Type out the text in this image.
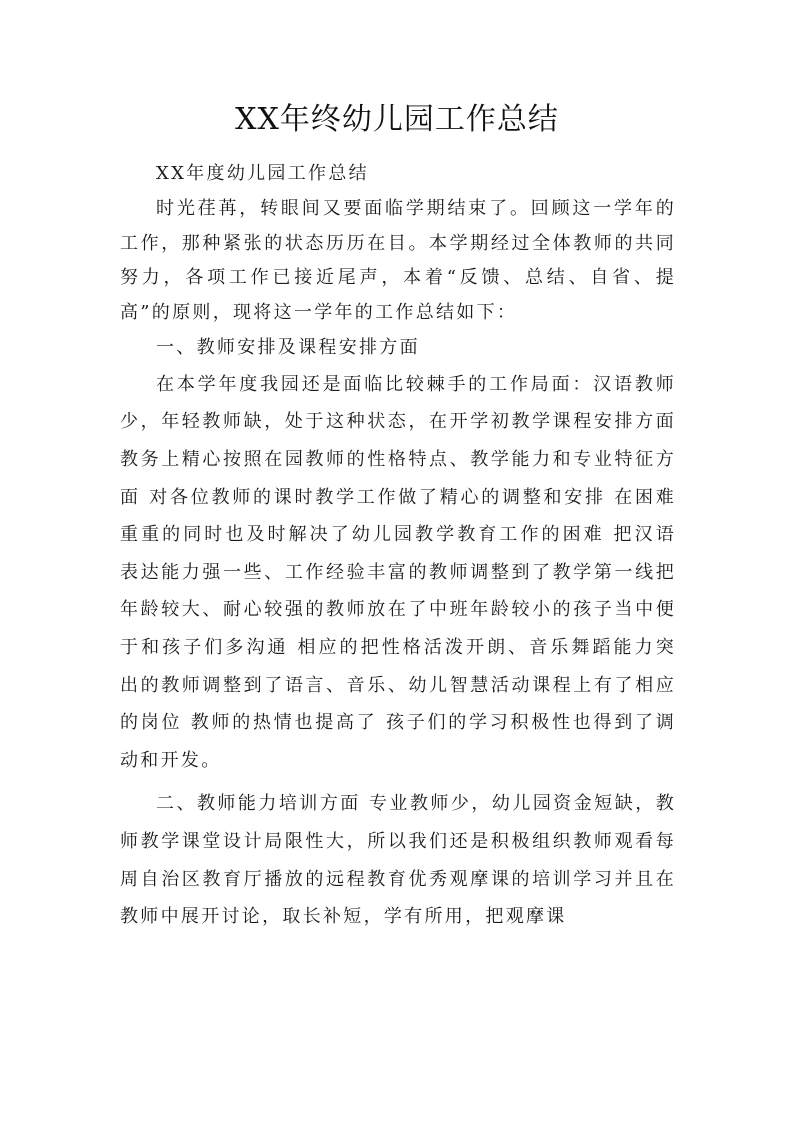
XX年终幼儿园工作总结

XX年度幼儿园工作总结

时光荏苒，转眼间又要面临学期结束了。回顾这一学年的工作，那种紧张的状态历历在目。本学期经过全体教师的共同努力，各项工作已接近尾声，本着“反馈、总结、自省、提高”的原则，现将这一学年的工作总结如下：

一、教师安排及课程安排方面

在本学年度我园还是面临比较棘手的工作局面：汉语教师少，年轻教师缺，处于这种状态，在开学初教学课程安排方面教务上精心按照在园教师的性格特点、教学能力和专业特征方面 对各位教师的课时教学工作做了精心的调整和安排 在困难重重的同时也及时解决了幼儿园教学教育工作的困难 把汉语表达能力强一些、工作经验丰富的教师调整到了教学第一线把年龄较大、耐心较强的教师放在了中班年龄较小的孩子当中便于和孩子们多沟通 相应的把性格活泼开朗、音乐舞蹈能力突出的教师调整到了语言、音乐、幼儿智慧活动课程上有了相应的岗位 教师的热情也提高了 孩子们的学习积极性也得到了调动和开发。

二、教师能力培训方面 专业教师少，幼儿园资金短缺，教师教学课堂设计局限性大，所以我们还是积极组织教师观看每周自治区教育厅播放的远程教育优秀观摩课的培训学习并且在教师中展开讨论，取长补短，学有所用，把观摩课
